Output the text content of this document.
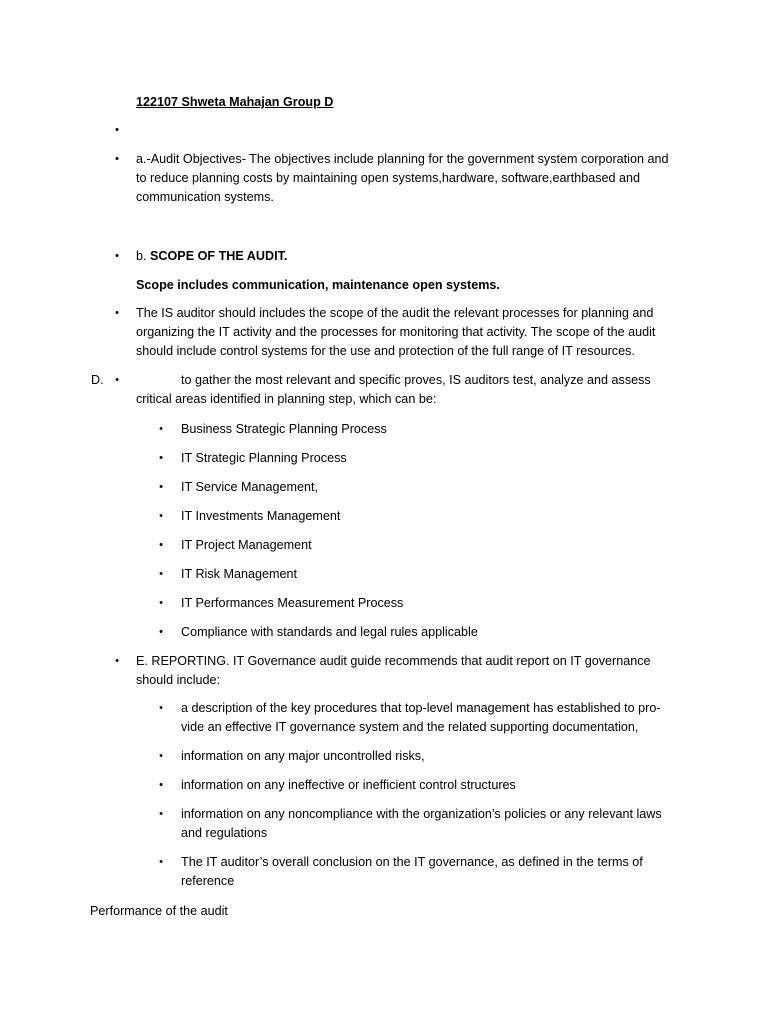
122107 Shweta Mahajan Group D
•
• a.-Audit Objectives- The objectives include planning for the government system corporation and to reduce planning costs by maintaining open systems,hardware, software,earthbased and communication systems.
• b. SCOPE OF THE AUDIT.
Scope includes communication, maintenance open systems.
• The IS auditor should includes the scope of the audit the relevant processes for planning and organizing the IT activity and the processes for monitoring that activity. The scope of the audit should include control systems for the use and protection of the full range of IT resources.
•
D.	to gather the most relevant and specific proves, IS auditors test, analyze and assess critical areas identified in planning step, which can be:
• Business Strategic Planning Process
• IT Strategic Planning Process
• IT Service Management,
• IT Investments Management
• IT Project Management
• IT Risk Management
• IT Performances Measurement Process
• Compliance with standards and legal rules applicable
• E. REPORTING. IT Governance audit guide recommends that audit report on IT governance should include:
• a description of the key procedures that top-level management has established to pro-vide an effective IT governance system and the related supporting documentation,
• information on any major uncontrolled risks,
• information on any ineffective or inefficient control structures
• information on any noncompliance with the organization’s policies or any relevant laws and regulations
• The IT auditor’s overall conclusion on the IT governance, as defined in the terms of reference
Performance of the audit
